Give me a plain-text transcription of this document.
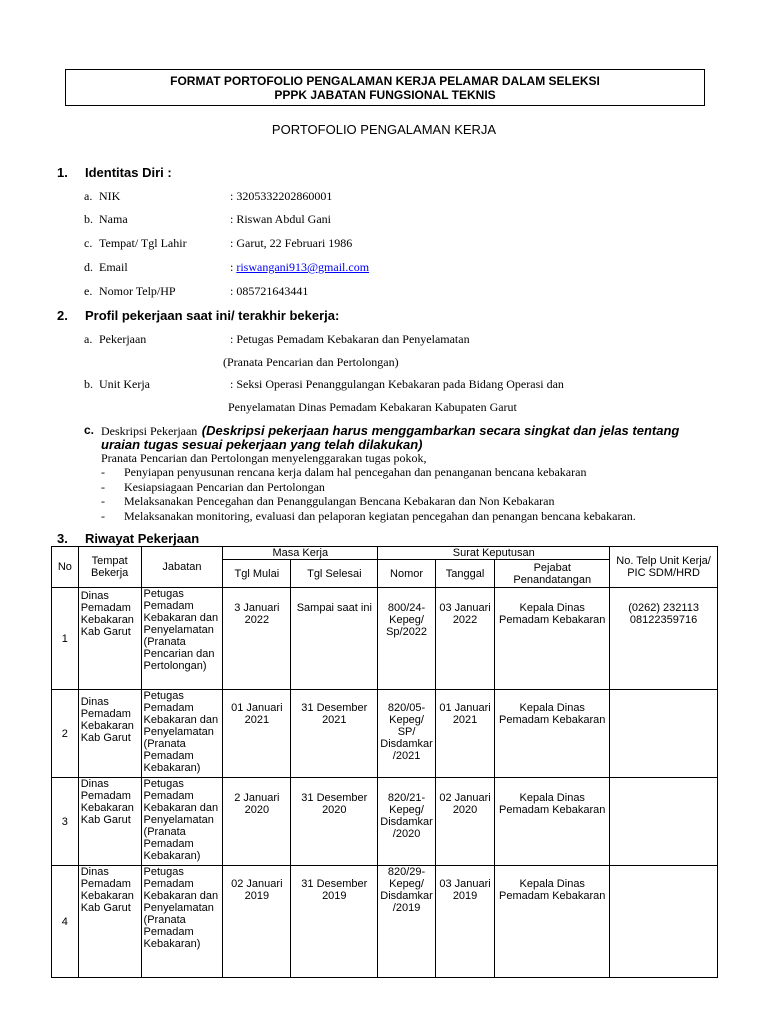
FORMAT PORTOFOLIO PENGALAMAN KERJA PELAMAR DALAM SELEKSI
PPPK JABATAN FUNGSIONAL TEKNIS
PORTOFOLIO PENGALAMAN KERJA
1. Identitas Diri :
a. NIK	: 3205332202860001
b. Nama	: Riswan Abdul Gani
c. Tempat/ Tgl Lahir	: Garut, 22 Februari 1986
d. Email	: riswangani913@gmail.com
e. Nomor Telp/HP	: 085721643441
2. Profil pekerjaan saat ini/ terakhir bekerja:
a. Pekerjaan	: Petugas Pemadam Kebakaran dan Penyelamatan
(Pranata Pencarian dan Pertolongan)
b. Unit Kerja	: Seksi Operasi Penanggulangan Kebakaran pada Bidang Operasi dan
Penyelamatan Dinas Pemadam Kebakaran Kabupaten Garut
c. Deskripsi Pekerjaan (Deskripsi pekerjaan harus menggambarkan secara singkat dan jelas tentang
uraian tugas sesuai pekerjaan yang telah dilakukan)
Pranata Pencarian dan Pertolongan menyelenggarakan tugas pokok,
- Penyiapan penyusunan rencana kerja dalam hal pencegahan dan penanganan bencana kebakaran
- Kesiapsiagaan Pencarian dan Pertolongan
- Melaksanakan Pencegahan dan Penanggulangan Bencana Kebakaran dan Non Kebakaran
- Melaksanakan monitoring, evaluasi dan pelaporan kegiatan pencegahan dan penangan bencana kebakaran.
3. Riwayat Pekerjaan
No	Tempat Bekerja	Jabatan	Masa Kerja		Surat Keputusan			No. Telp Unit Kerja/ PIC SDM/HRD
			Tgl Mulai	Tgl Selesai	Nomor	Tanggal	Pejabat Penandatangan	
1	Dinas Pemadam Kebakaran Kab Garut	Petugas Pemadam Kebakaran dan Penyelamatan (Pranata Pencarian dan Pertolongan)	3 Januari 2022	Sampai saat ini	800/24-Kepeg/ Sp/2022	03 Januari 2022	Kepala Dinas Pemadam Kebakaran	(0262) 232113 08122359716
2	Dinas Pemadam Kebakaran Kab Garut	Petugas Pemadam Kebakaran dan Penyelamatan (Pranata Pemadam Kebakaran)	01 Januari 2021	31 Desember 2021	820/05-Kepeg/ SP/ Disdamkar /2021	01 Januari 2021	Kepala Dinas Pemadam Kebakaran	
3	Dinas Pemadam Kebakaran Kab Garut	Petugas Pemadam Kebakaran dan Penyelamatan (Pranata Pemadam Kebakaran)	2 Januari 2020	31 Desember 2020	820/21-Kepeg/ Disdamkar /2020	02 Januari 2020	Kepala Dinas Pemadam Kebakaran	
4	Dinas Pemadam Kebakaran Kab Garut	Petugas Pemadam Kebakaran dan Penyelamatan (Pranata Pemadam Kebakaran)	02 Januari 2019	31 Desember 2019	820/29-Kepeg/ Disdamkar /2019	03 Januari 2019	Kepala Dinas Pemadam Kebakaran	
